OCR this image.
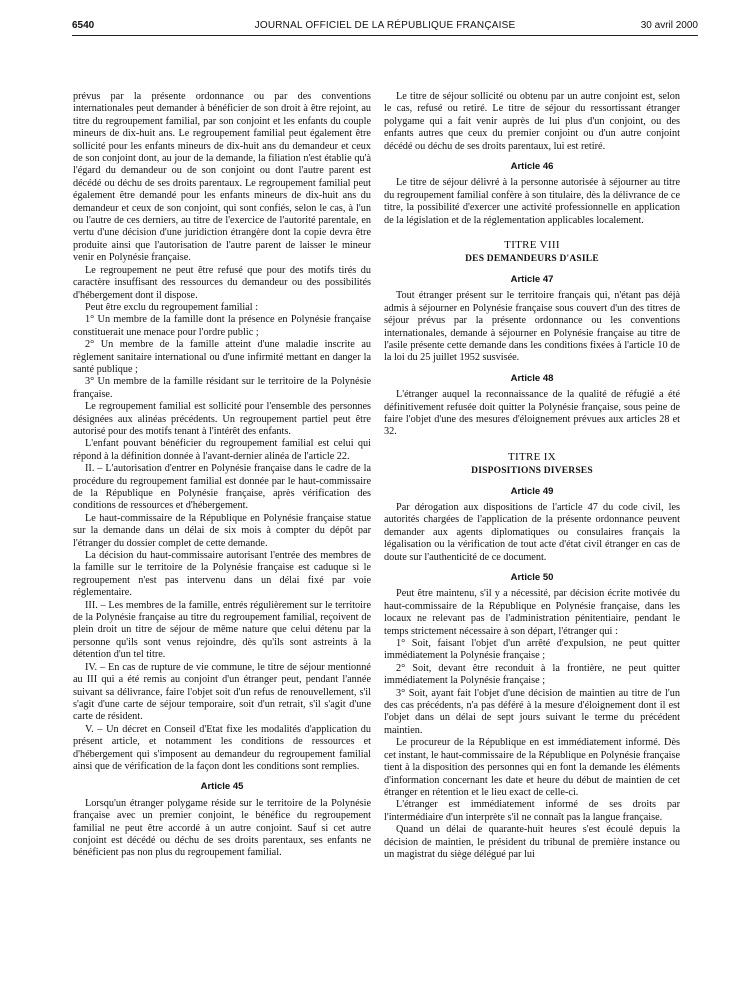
6540	JOURNAL OFFICIEL DE LA RÉPUBLIQUE FRANÇAISE	30 avril 2000

prévus par la présente ordonnance ou par des conventions internationales peut demander à bénéficier de son droit à être rejoint, au titre du regroupement familial, par son conjoint et les enfants du couple mineurs de dix-huit ans. Le regroupement familial peut également être sollicité pour les enfants mineurs de dix-huit ans du demandeur et ceux de son conjoint dont, au jour de la demande, la filiation n'est établie qu'à l'égard du demandeur ou de son conjoint ou dont l'autre parent est décédé ou déchu de ses droits parentaux. Le regroupement familial peut également être demandé pour les enfants mineurs de dix-huit ans du demandeur et ceux de son conjoint, qui sont confiés, selon le cas, à l'un ou l'autre de ces derniers, au titre de l'exercice de l'autorité parentale, en vertu d'une décision d'une juridiction étrangère dont la copie devra être produite ainsi que l'autorisation de l'autre parent de laisser le mineur venir en Polynésie française.

Le regroupement ne peut être refusé que pour des motifs tirés du caractère insuffisant des ressources du demandeur ou des possibilités d'hébergement dont il dispose.

Peut être exclu du regroupement familial :

1° Un membre de la famille dont la présence en Polynésie française constituerait une menace pour l'ordre public ;

2° Un membre de la famille atteint d'une maladie inscrite au règlement sanitaire international ou d'une infirmité mettant en danger la santé publique ;

3° Un membre de la famille résidant sur le territoire de la Polynésie française.

Le regroupement familial est sollicité pour l'ensemble des personnes désignées aux alinéas précédents. Un regroupement partiel peut être autorisé pour des motifs tenant à l'intérêt des enfants.

L'enfant pouvant bénéficier du regroupement familial est celui qui répond à la définition donnée à l'avant-dernier alinéa de l'article 22.

II. – L'autorisation d'entrer en Polynésie française dans le cadre de la procédure du regroupement familial est donnée par le haut-commissaire de la République en Polynésie française, après vérification des conditions de ressources et d'hébergement.

Le haut-commissaire de la République en Polynésie française statue sur la demande dans un délai de six mois à compter du dépôt par l'étranger du dossier complet de cette demande.

La décision du haut-commissaire autorisant l'entrée des membres de la famille sur le territoire de la Polynésie française est caduque si le regroupement n'est pas intervenu dans un délai fixé par voie réglementaire.

III. – Les membres de la famille, entrés régulièrement sur le territoire de la Polynésie française au titre du regroupement familial, reçoivent de plein droit un titre de séjour de même nature que celui détenu par la personne qu'ils sont venus rejoindre, dès qu'ils sont astreints à la détention d'un tel titre.

IV. – En cas de rupture de vie commune, le titre de séjour mentionné au III qui a été remis au conjoint d'un étranger peut, pendant l'année suivant sa délivrance, faire l'objet soit d'un refus de renouvellement, s'il s'agit d'une carte de séjour temporaire, soit d'un retrait, s'il s'agit d'une carte de résident.

V. – Un décret en Conseil d'Etat fixe les modalités d'application du présent article, et notamment les conditions de ressources et d'hébergement qui s'imposent au demandeur du regroupement familial ainsi que de vérification de la façon dont les conditions sont remplies.

Article 45

Lorsqu'un étranger polygame réside sur le territoire de la Polynésie française avec un premier conjoint, le bénéfice du regroupement familial ne peut être accordé à un autre conjoint. Sauf si cet autre conjoint est décédé ou déchu de ses droits parentaux, ses enfants ne bénéficient pas non plus du regroupement familial.

Le titre de séjour sollicité ou obtenu par un autre conjoint est, selon le cas, refusé ou retiré. Le titre de séjour du ressortissant étranger polygame qui a fait venir auprès de lui plus d'un conjoint, ou des enfants autres que ceux du premier conjoint ou d'un autre conjoint décédé ou déchu de ses droits parentaux, lui est retiré.

Article 46

Le titre de séjour délivré à la personne autorisée à séjourner au titre du regroupement familial confère à son titulaire, dès la délivrance de ce titre, la possibilité d'exercer une activité professionnelle en application de la législation et de la réglementation applicables localement.

TITRE VIII
DES DEMANDEURS D'ASILE
Article 47

Tout étranger présent sur le territoire français qui, n'étant pas déjà admis à séjourner en Polynésie française sous couvert d'un des titres de séjour prévus par la présente ordonnance ou les conventions internationales, demande à séjourner en Polynésie française au titre de l'asile présente cette demande dans les conditions fixées à l'article 10 de la loi du 25 juillet 1952 susvisée.

Article 48

L'étranger auquel la reconnaissance de la qualité de réfugié a été définitivement refusée doit quitter la Polynésie française, sous peine de faire l'objet d'une des mesures d'éloignement prévues aux articles 28 et 32.

TITRE IX
DISPOSITIONS DIVERSES
Article 49

Par dérogation aux dispositions de l'article 47 du code civil, les autorités chargées de l'application de la présente ordonnance peuvent demander aux agents diplomatiques ou consulaires français la légalisation ou la vérification de tout acte d'état civil étranger en cas de doute sur l'authenticité de ce document.

Article 50

Peut être maintenu, s'il y a nécessité, par décision écrite motivée du haut-commissaire de la République en Polynésie française, dans les locaux ne relevant pas de l'administration pénitentiaire, pendant le temps strictement nécessaire à son départ, l'étranger qui :

1° Soit, faisant l'objet d'un arrêté d'expulsion, ne peut quitter immédiatement la Polynésie française ;

2° Soit, devant être reconduit à la frontière, ne peut quitter immédiatement la Polynésie française ;

3° Soit, ayant fait l'objet d'une décision de maintien au titre de l'un des cas précédents, n'a pas déféré à la mesure d'éloignement dont il est l'objet dans un délai de sept jours suivant le terme du précédent maintien.

Le procureur de la République en est immédiatement informé. Dès cet instant, le haut-commissaire de la République en Polynésie française tient à la disposition des personnes qui en font la demande les éléments d'information concernant les date et heure du début de maintien de cet étranger en rétention et le lieu exact de celle-ci.

L'étranger est immédiatement informé de ses droits par l'intermédiaire d'un interprète s'il ne connaît pas la langue française.

Quand un délai de quarante-huit heures s'est écoulé depuis la décision de maintien, le président du tribunal de première instance ou un magistrat du siège délégué par lui
